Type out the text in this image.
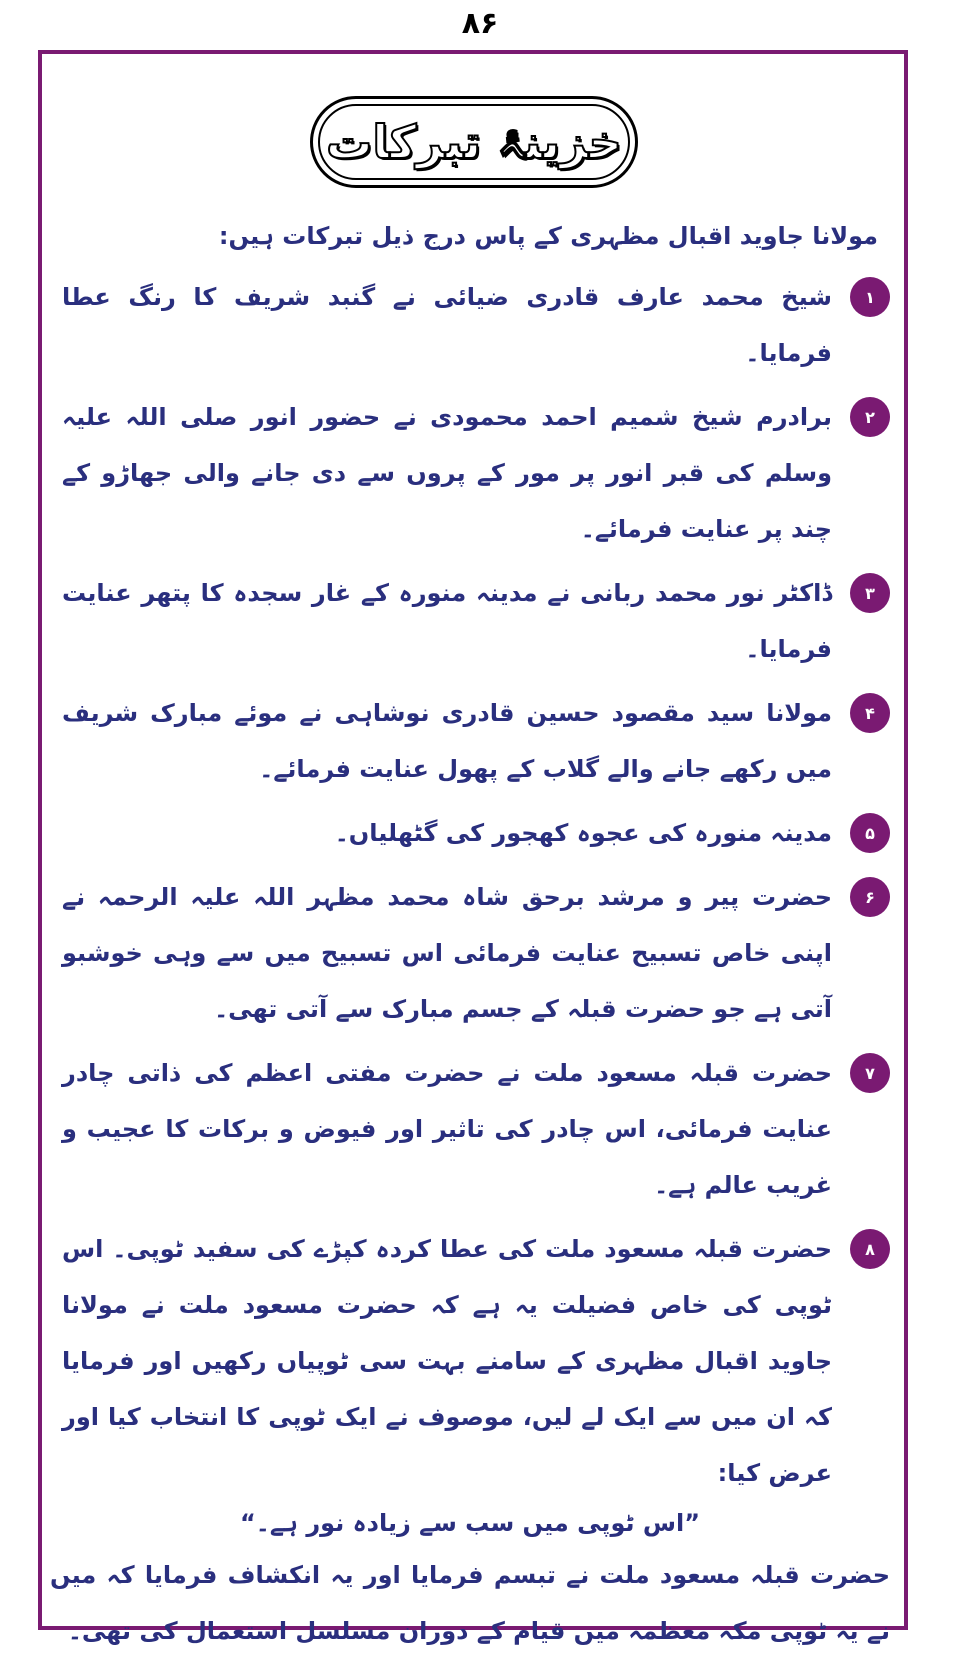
۸۶
خزینۂ تبرکات
مولانا جاوید اقبال مظہری کے پاس درج ذیل تبرکات ہیں:
۱
شیخ محمد عارف قادری ضیائی نے گنبد شریف کا رنگ عطا فرمایا۔
۲
برادرم شیخ شمیم احمد محمودی نے حضور انور صلی اللہ علیہ وسلم کی قبر انور پر مور کے پروں سے دی جانے والی جھاڑو کے چند پر عنایت فرمائے۔
۳
ڈاکٹر نور محمد ربانی نے مدینہ منورہ کے غار سجدہ کا پتھر عنایت فرمایا۔
۴
مولانا سید مقصود حسین قادری نوشاہی نے موئے مبارک شریف میں رکھے جانے والے گلاب کے پھول عنایت فرمائے۔
۵
مدینہ منورہ کی عجوہ کھجور کی گٹھلیاں۔
۶
حضرت پیر و مرشد برحق شاہ محمد مظہر اللہ علیہ الرحمہ نے اپنی خاص تسبیح عنایت فرمائی اس تسبیح میں سے وہی خوشبو آتی ہے جو حضرت قبلہ کے جسم مبارک سے آتی تھی۔
۷
حضرت قبلہ مسعود ملت نے حضرت مفتی اعظم کی ذاتی چادر عنایت فرمائی، اس چادر کی تاثیر اور فیوض و برکات کا عجیب و غریب عالم ہے۔
۸
حضرت قبلہ مسعود ملت کی عطا کردہ کپڑے کی سفید ٹوپی۔ اس ٹوپی کی خاص فضیلت یہ ہے کہ حضرت مسعود ملت نے مولانا جاوید اقبال مظہری کے سامنے بہت سی ٹوپیاں رکھیں اور فرمایا کہ ان میں سے ایک لے لیں، موصوف نے ایک ٹوپی کا انتخاب کیا اور عرض کیا:
”اس ٹوپی میں سب سے زیادہ نور ہے۔“
حضرت قبلہ مسعود ملت نے تبسم فرمایا اور یہ انکشاف فرمایا کہ میں نے یہ ٹوپی مکہ معظمہ میں قیام کے دوران مسلسل استعمال کی تھی۔
